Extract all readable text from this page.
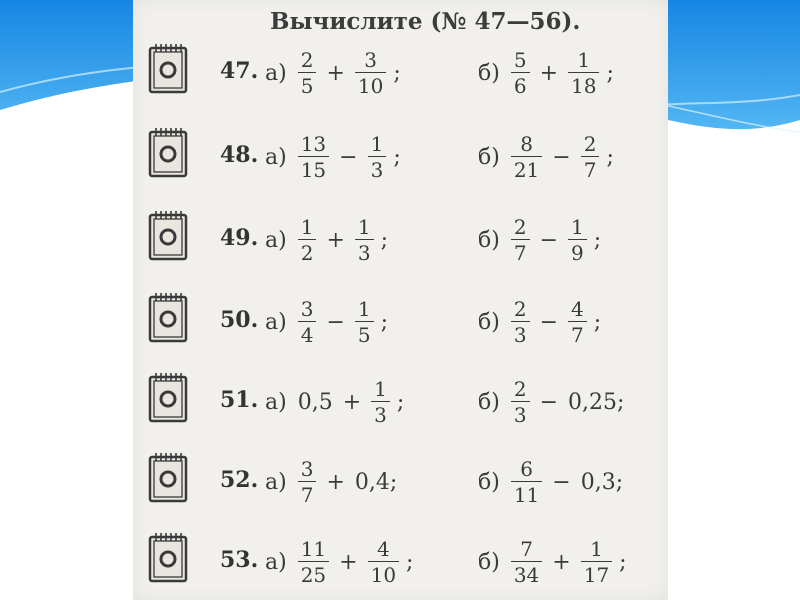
Вычислите (№ 47—56).
47. $а) \frac{2}{5} + \frac{3}{10}$ ;	$б) \frac{5}{6} + \frac{1}{18}$ ;
48. $а) \frac{13}{15} - \frac{1}{3}$ ;	$б) \frac{8}{21} - \frac{2}{7}$ ;
49. $а) \frac{1}{2} + \frac{1}{3}$ ;	$б) \frac{2}{7} - \frac{1}{9}$ ;
50. $а) \frac{3}{4} - \frac{1}{5}$ ;	$б) \frac{2}{3} - \frac{4}{7}$ ;
51. а) $0,5 + \frac{1}{3}$ ;	$б) \frac{2}{3} - 0,25$;
52. $а) \frac{3}{7} + 0,4$;	$б) \frac{6}{11} - 0,3$;
53. $а) \frac{11}{25} + \frac{4}{10}$ ;	$б) \frac{7}{34} + \frac{1}{17}$ ;
